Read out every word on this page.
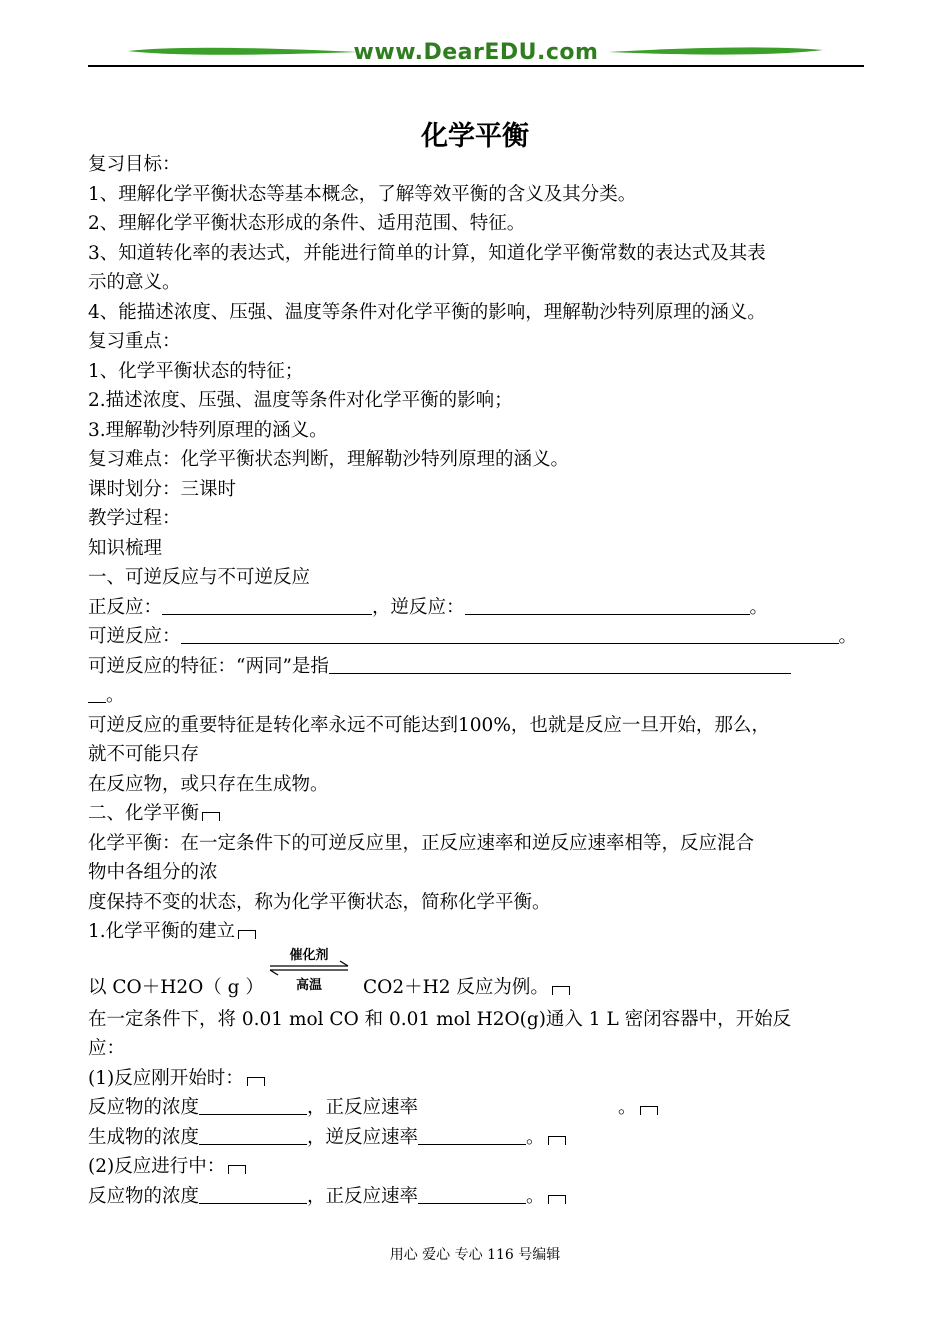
www.DearEDU.com
化学平衡
复习目标：
1、理解化学平衡状态等基本概念，了解等效平衡的含义及其分类。
2、理解化学平衡状态形成的条件、适用范围、特征。
3、知道转化率的表达式，并能进行简单的计算，知道化学平衡常数的表达式及其表
示的意义。
4、能描述浓度、压强、温度等条件对化学平衡的影响，理解勒沙特列原理的涵义。
复习重点：
1、化学平衡状态的特征；
2.描述浓度、压强、温度等条件对化学平衡的影响；
3.理解勒沙特列原理的涵义。
复习难点：化学平衡状态判断，理解勒沙特列原理的涵义。
课时划分：三课时
教学过程：
知识梳理
一、可逆反应与不可逆反应
正反应：	，逆反应：	。
可逆反应：	。
可逆反应的特征：“两同”是指
。
可逆反应的重要特征是转化率永远不可能达到100%，也就是反应一旦开始，那么，
就不可能只存
在反应物，或只存在生成物。
二、化学平衡
化学平衡：在一定条件下的可逆反应里，正反应速率和逆反应速率相等，反应混合
物中各组分的浓
度保持不变的状态，称为化学平衡状态，简称化学平衡。
1.化学平衡的建立
以 CO＋H2O（ g ）
催化剂
高温 CO2＋H2 反应为例。
在一定条件下，将 0.01 mol CO 和 0.01 mol H2O(g)通入 1 L 密闭容器中，开始反
应：
(1)反应刚开始时：
反应物的浓度	，正反应速率	。
生成物的浓度	，逆反应速率	。
(2)反应进行中：
反应物的浓度	，正反应速率	。
用心 爱心 专心 116 号编辑
